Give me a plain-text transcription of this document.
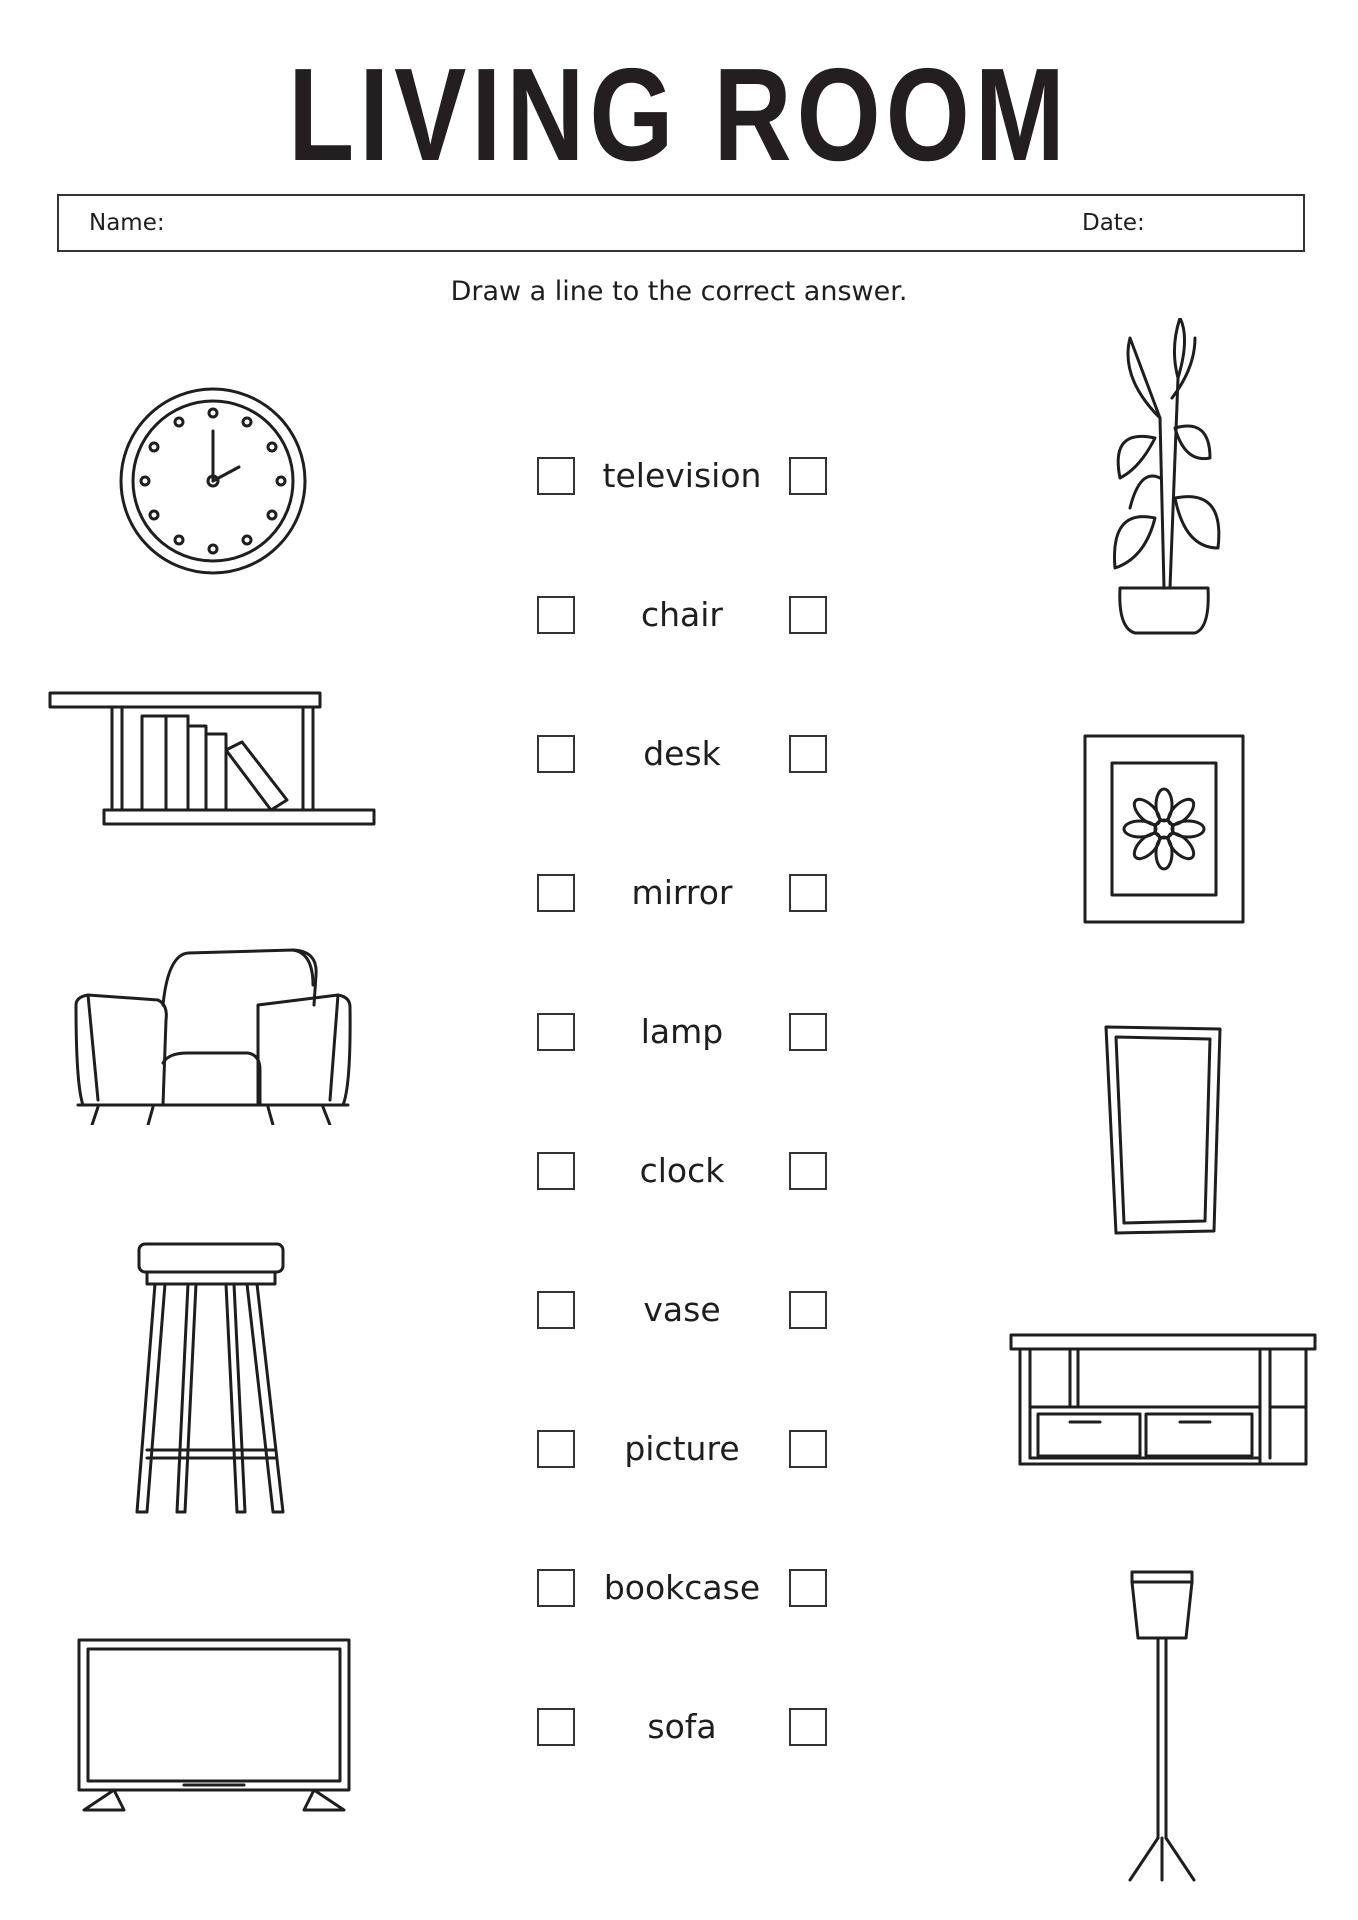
LIVING ROOM
Name:	Date:
Draw a line to the correct answer.
television
chair
desk
mirror
lamp
clock
vase
picture
bookcase
sofa
